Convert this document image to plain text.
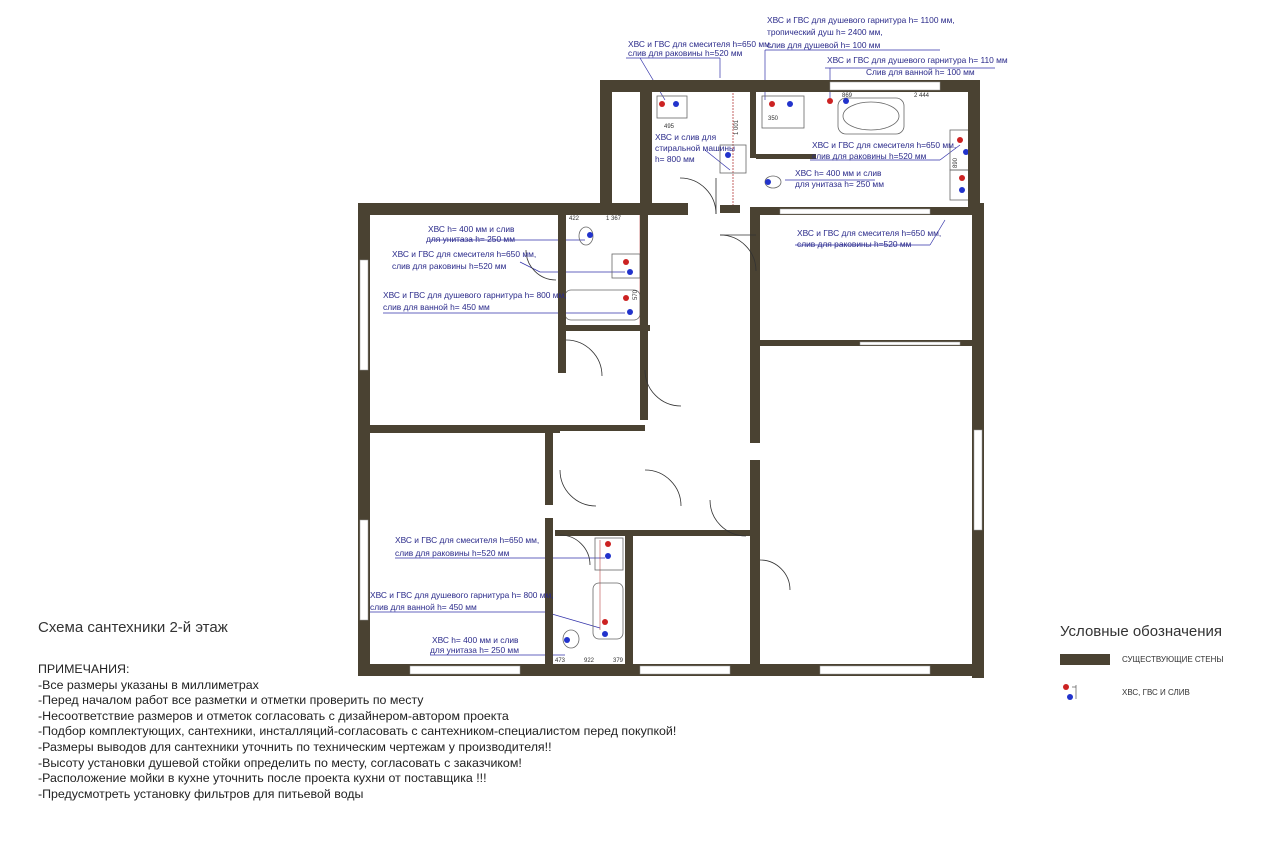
ХВС и ГВС для смесителя h=650 мм,
слив для раковины h=520 мм
ХВС и ГВС для душевого гарнитура h= 1100 мм,
тропический душ h= 2400 мм,
слив для душевой h= 100 мм
ХВС и ГВС для душевого гарнитура h= 110 мм
Слив для ванной h= 100 мм
ХВС и слив для
стиральной машины
h= 800 мм
ХВС и ГВС для смесителя h=650 мм,
слив для раковины h=520 мм
ХВС h= 400 мм и слив
для унитаза h= 250 мм
ХВС и ГВС для смесителя h=650 мм,
слив для раковины h=520 мм
ХВС h= 400 мм и слив
для унитаза h= 250 мм
ХВС и ГВС для смесителя h=650 мм,
слив для раковины h=520 мм
ХВС и ГВС для душевого гарнитура h= 800 мм,
слив для ванной h= 450 мм
ХВС и ГВС для смесителя h=650 мм,
слив для раковины h=520 мм
ХВС и ГВС для душевого гарнитура h= 800 мм,
слив для ванной h= 450 мм
ХВС h= 400 мм и слив
для унитаза h= 250 мм
495	1 001
350
869	2 444
422	1 367
473	922	379
890
570
Схема сантехники 2-й этаж
ПРИМЕЧАНИЯ:
-Все размеры указаны в миллиметрах
-Перед началом работ все разметки и отметки проверить по месту
-Несоответствие размеров и отметок согласовать с дизайнером-автором проекта
-Подбор комплектующих, сантехники, инсталляций-согласовать с сантехником-специалистом перед покупкой!
-Размеры выводов для сантехники уточнить по техническим чертежам у производителя!!
-Высоту установки душевой стойки определить по месту, согласовать с заказчиком!
-Расположение мойки в кухне уточнить после проекта кухни от поставщика !!!
-Предусмотреть установку фильтров для питьевой воды
Условные обозначения
СУЩЕСТВУЮЩИЕ СТЕНЫ
ХВС, ГВС И СЛИВ
